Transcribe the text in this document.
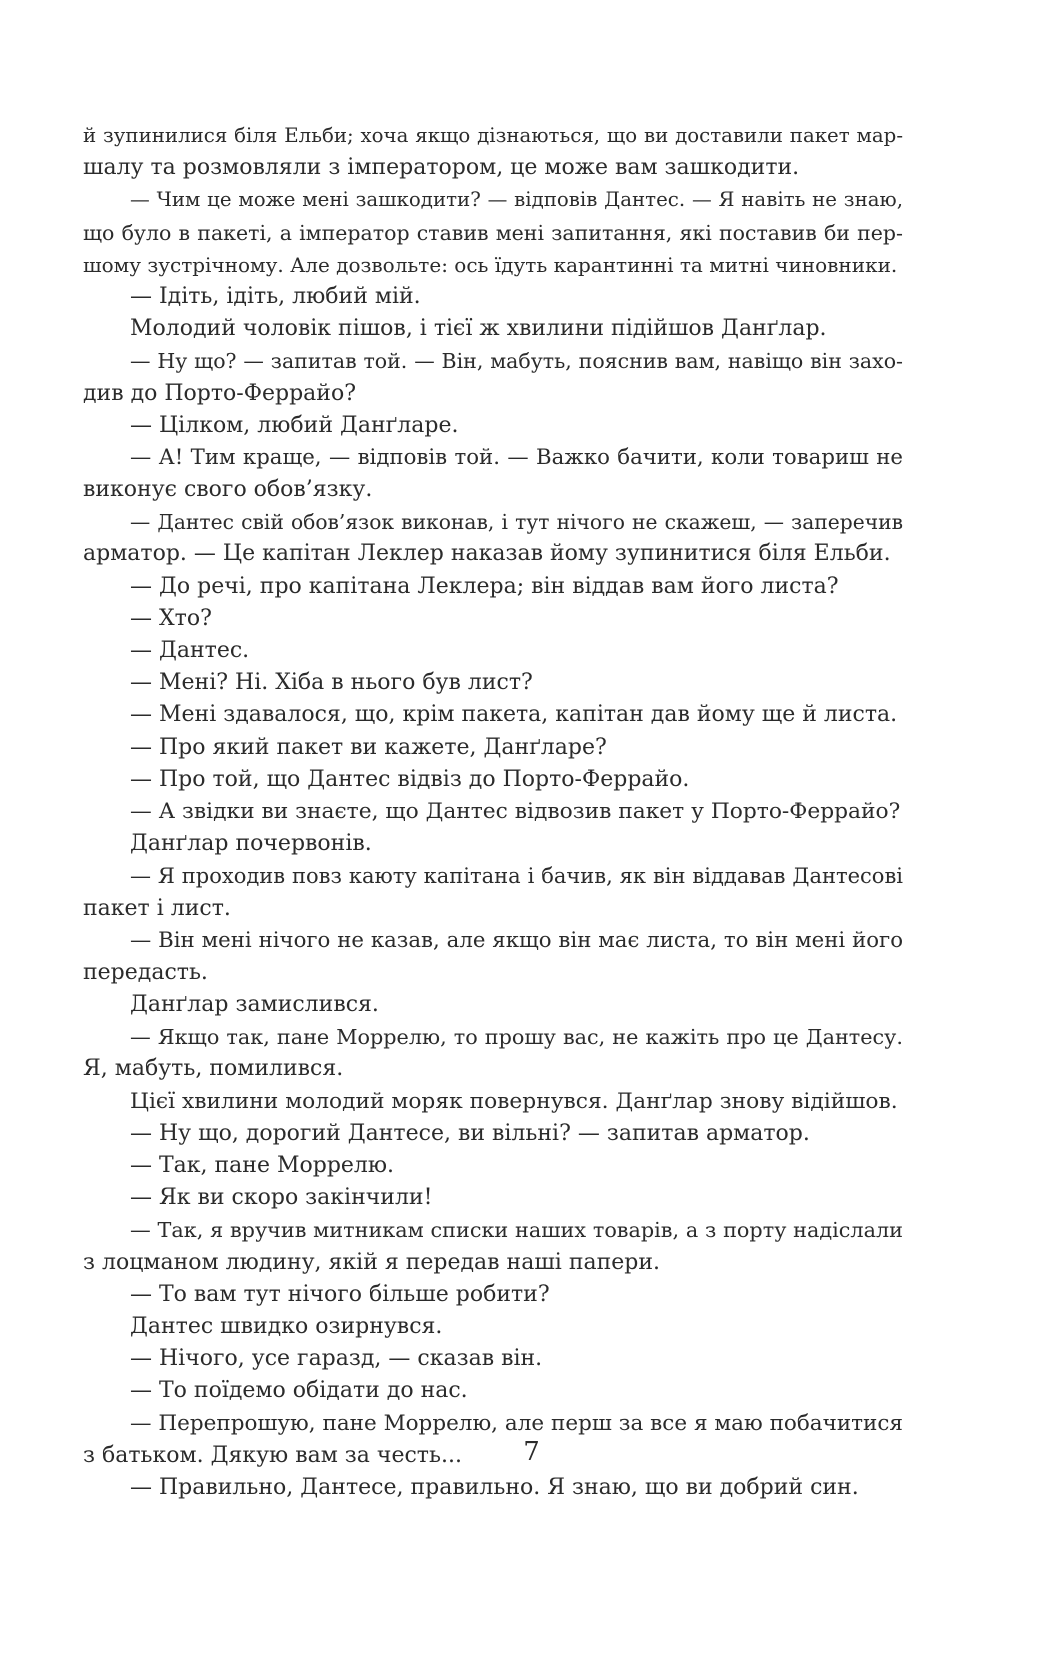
й зупинилися біля Ельби; хоча якщо дізнаються, що ви доставили пакет мар-
шалу та розмовляли з імператором, це може вам зашкодити.
— Чим це може мені зашкодити? — відповів Дантес. — Я навіть не знаю,
що було в пакеті, а імператор ставив мені запитання, які поставив би пер-
шому зустрічному. Але дозвольте: ось їдуть карантинні та митні чиновники.
— Ідіть, ідіть, любий мій.
Молодий чоловік пішов, і тієї ж хвилини підійшов Данґлар.
— Ну що? — запитав той. — Він, мабуть, пояснив вам, навіщо він захо-
див до Порто-Феррайо?
— Цілком, любий Данґларе.
— А! Тим краще, — відповів той. — Важко бачити, коли товариш не
виконує свого обов’язку.
— Дантес свій обов’язок виконав, і тут нічого не скажеш, — заперечив
арматор. — Це капітан Леклер наказав йому зупинитися біля Ельби.
— До речі, про капітана Леклера; він віддав вам його листа?
— Хто?
— Дантес.
— Мені? Ні. Хіба в нього був лист?
— Мені здавалося, що, крім пакета, капітан дав йому ще й листа.
— Про який пакет ви кажете, Данґларе?
— Про той, що Дантес відвіз до Порто-Феррайо.
— А звідки ви знаєте, що Дантес відвозив пакет у Порто-Феррайо?
Данґлар почервонів.
— Я проходив повз каюту капітана і бачив, як він віддавав Дантесові
пакет і лист.
— Він мені нічого не казав, але якщо він має листа, то він мені його
передасть.
Данґлар замислився.
— Якщо так, пане Моррелю, то прошу вас, не кажіть про це Дантесу.
Я, мабуть, помилився.
Цієї хвилини молодий моряк повернувся. Данґлар знову відійшов.
— Ну що, дорогий Дантесе, ви вільні? — запитав арматор.
— Так, пане Моррелю.
— Як ви скоро закінчили!
— Так, я вручив митникам списки наших товарів, а з порту надіслали
з лоцманом людину, якій я передав наші папери.
— То вам тут нічого більше робити?
Дантес швидко озирнувся.
— Нічого, усе гаразд, — сказав він.
— То поїдемо обідати до нас.
— Перепрошую, пане Моррелю, але перш за все я маю побачитися
з батьком. Дякую вам за честь...
— Правильно, Дантесе, правильно. Я знаю, що ви добрий син.
7
